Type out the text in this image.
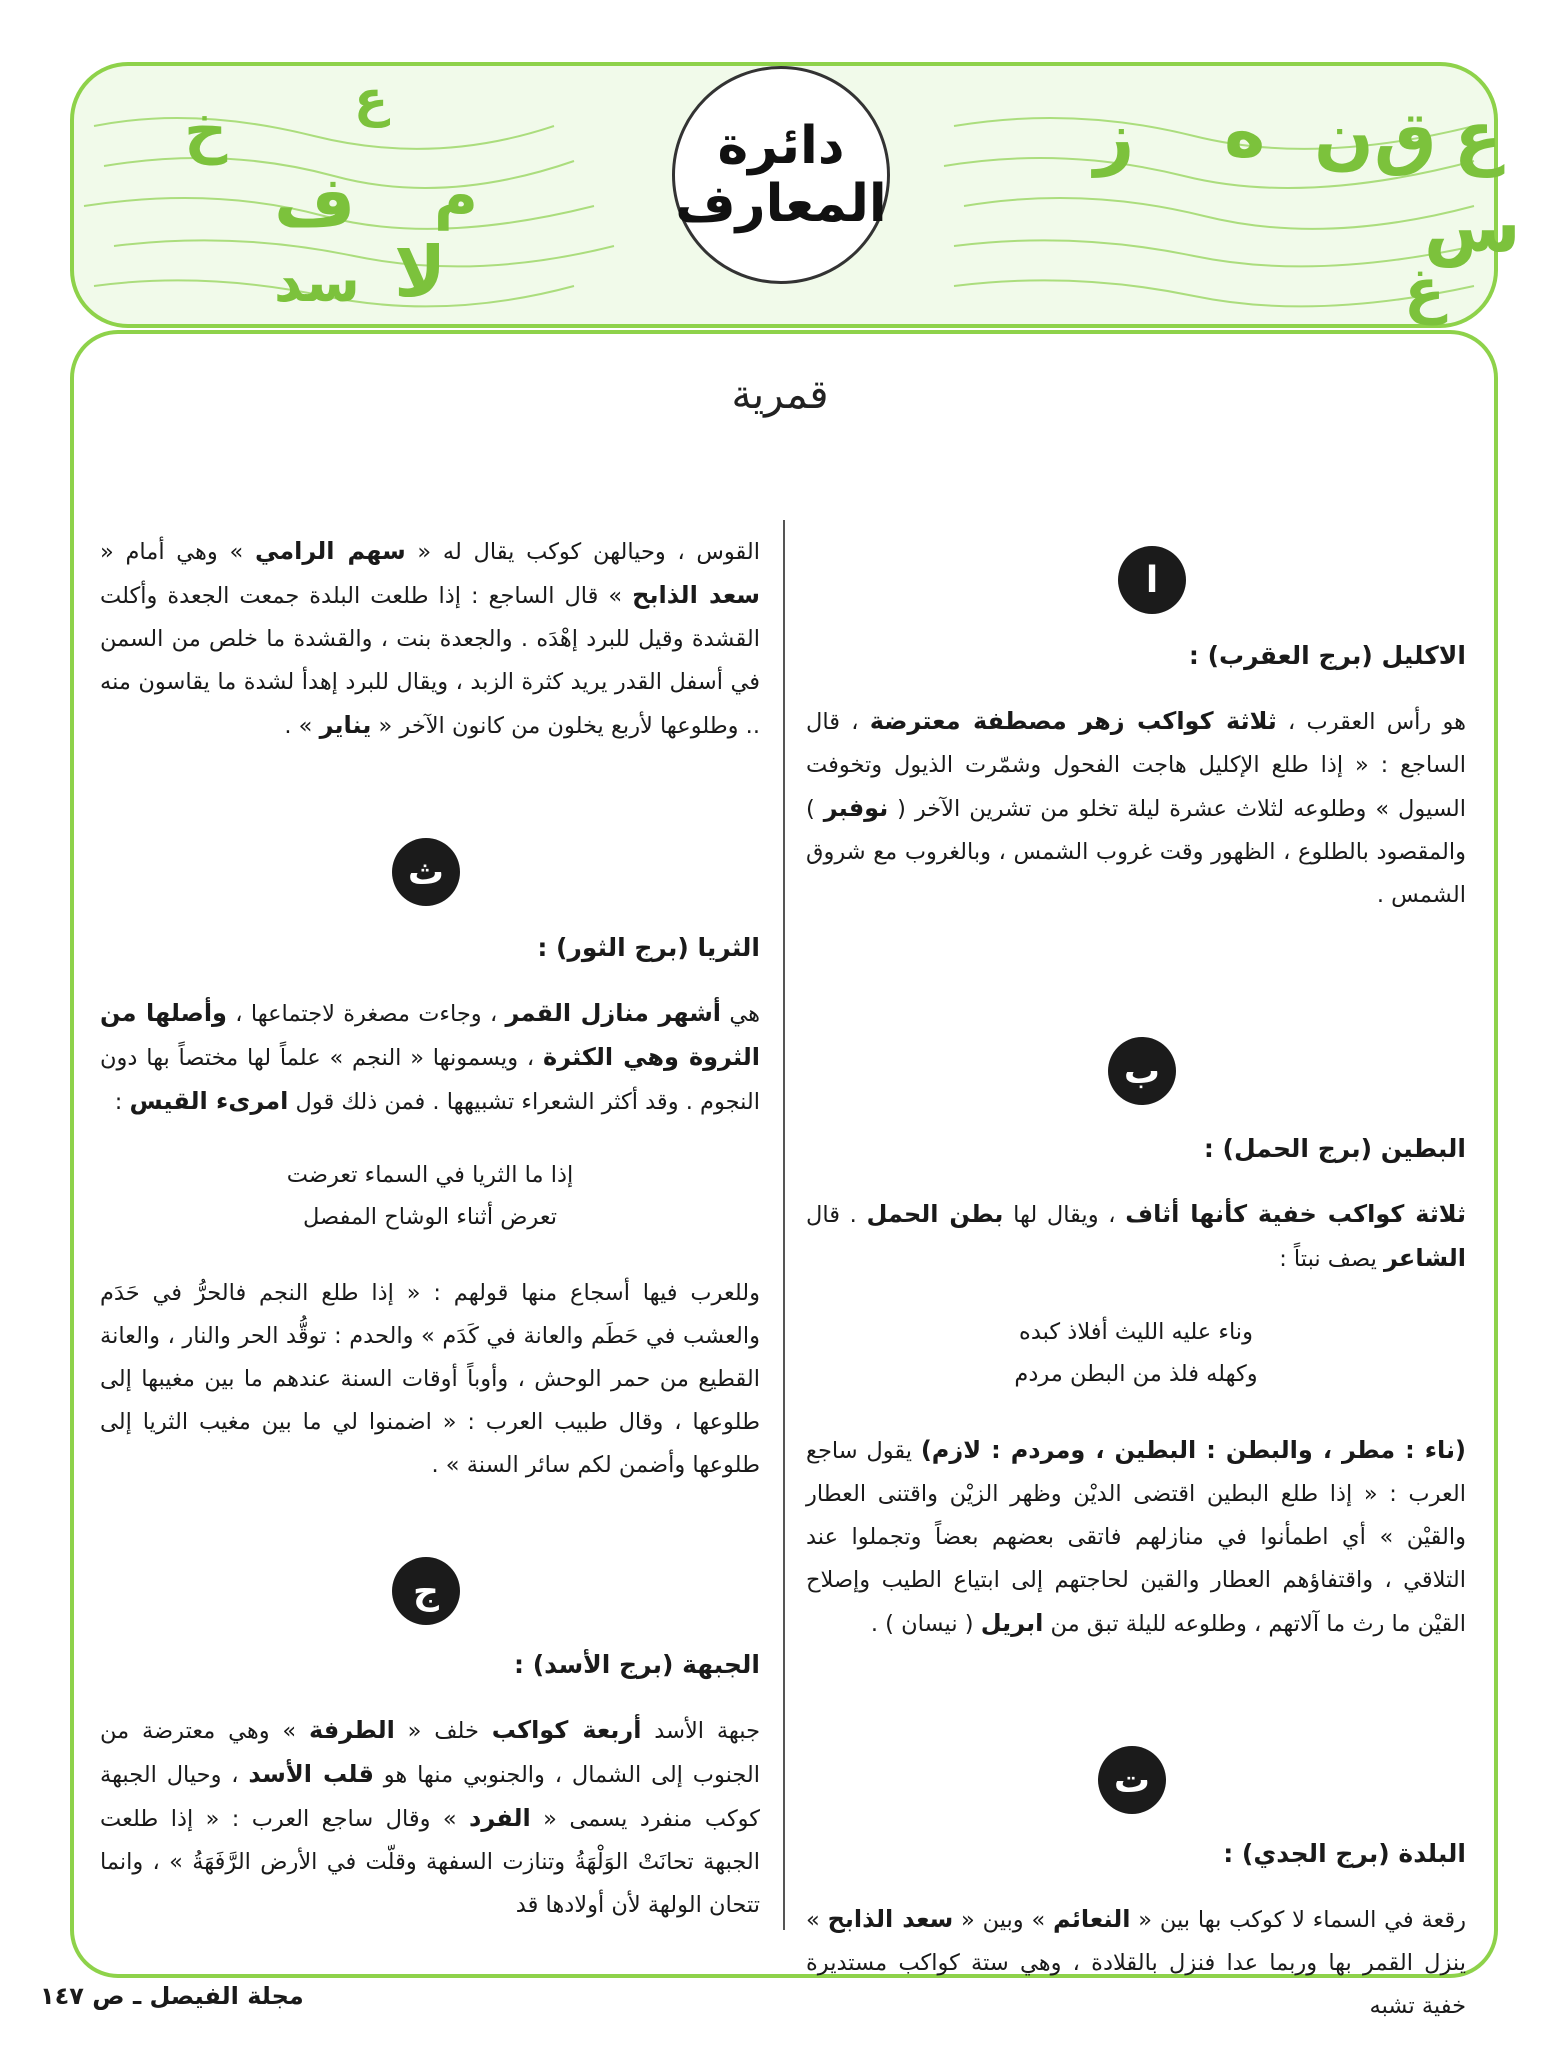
ع
ق
ن
ه
ز
س
غ
ف م
ع
خ
لا
سد
دائرة
المعارف
قمرية
ا
الاكليل (برج العقرب) :

هو رأس العقرب ، ثلاثة كواكب زهر مصطفة معترضة ، قال الساجع : « إذا طلع الإكليل هاجت الفحول وشمّرت الذيول وتخوفت السيول » وطلوعه لثلاث عشرة ليلة تخلو من تشرين الآخر ( نوفبر ) والمقصود بالطلوع ، الظهور وقت غروب الشمس ، وبالغروب مع شروق الشمس .

ب
البطين (برج الحمل) :

ثلاثة كواكب خفية كأنها أثاف ، ويقال لها بطن الحمل . قال الشاعر يصف نبتاً :

وناء عليه الليث أفلاذ كبده
وكهله فلذ من البطن مردم

(ناء : مطر ، والبطن : البطين ، ومردم : لازم) يقول ساجع العرب : « إذا طلع البطين اقتضى الديْن وظهر الزيْن واقتنى العطار والقيْن » أي اطمأنوا في منازلهم فاتقى بعضهم بعضاً وتجملوا عند التلاقي ، واقتفاؤهم العطار والقين لحاجتهم إلى ابتياع الطيب وإصلاح القيْن ما رث ما آلاتهم ، وطلوعه لليلة تبق من ابريل ( نيسان ) .

ت
البلدة (برج الجدي) :

رقعة في السماء لا كوكب بها بين « النعائم » وبين « سعد الذابح » ينزل القمر بها وربما عدا فنزل بالقلادة ، وهي ستة كواكب مستديرة خفية تشبه

القوس ، وحيالهن كوكب يقال له « سهم الرامي » وهي أمام « سعد الذابح » قال الساجع : إذا طلعت البلدة جمعت الجعدة وأكلت القشدة وقيل للبرد إهْدَه . والجعدة بنت ، والقشدة ما خلص من السمن في أسفل القدر يريد كثرة الزبد ، ويقال للبرد إهدأ لشدة ما يقاسون منه .. وطلوعها لأربع يخلون من كانون الآخر « يناير » .

ث
الثريا (برج الثور) :

هي أشهر منازل القمر ، وجاءت مصغرة لاجتماعها ، وأصلها من الثروة وهي الكثرة ، ويسمونها « النجم » علماً لها مختصاً بها دون النجوم . وقد أكثر الشعراء تشبيهها . فمن ذلك قول امرىء القيس :

إذا ما الثريا في السماء تعرضت
تعرض أثناء الوشاح المفصل

وللعرب فيها أسجاع منها قولهم : « إذا طلع النجم فالحرُّ في حَدَم والعشب في حَطَم والعانة في كَدَم » والحدم : توقُّد الحر والنار ، والعانة القطيع من حمر الوحش ، وأوباً أوقات السنة عندهم ما بين مغيبها إلى طلوعها ، وقال طبيب العرب : « اضمنوا لي ما بين مغيب الثريا إلى طلوعها وأضمن لكم سائر السنة » .

ج
الجبهة (برج الأسد) :

جبهة الأسد أربعة كواكب خلف « الطرفة » وهي معترضة من الجنوب إلى الشمال ، والجنوبي منها هو قلب الأسد ، وحيال الجبهة كوكب منفرد يسمى « الفرد » وقال ساجع العرب : « إذا طلعت الجبهة تحانَتْ الوَلْهَةُ وتنازت السفهة وقلّت في الأرض الرَّفَهَةُ » ، وانما تتحان الولهة لأن أولادها قد

مجلة الفيصل ـ ص ١٤٧
